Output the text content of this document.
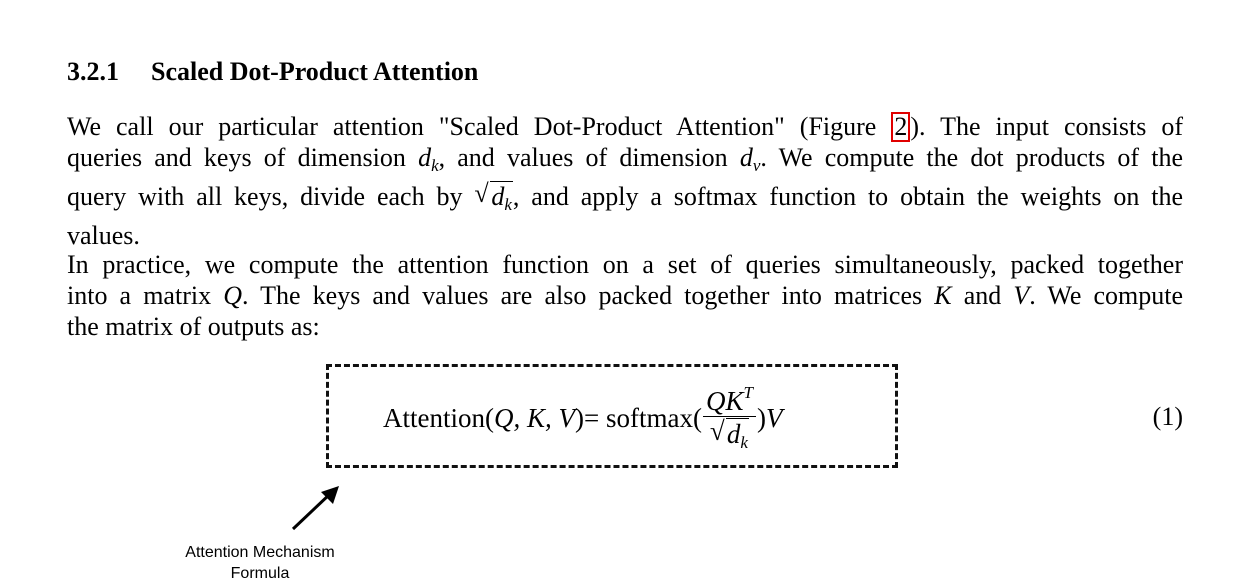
3.2.1 Scaled Dot-Product Attention
We call our particular attention "Scaled Dot-Product Attention" (Figure 2 ). The input consists of
queries and keys of dimension $d_k$, and values of dimension $d_v$. We compute the dot products of the
query with all keys, divide each by √ $d_k$, and apply a softmax function to obtain the weights on the
values.
In practice, we compute the attention function on a set of queries simultaneously, packed together
into a matrix Q. The keys and values are also packed together into matrices K and V. We compute
the matrix of outputs as:
Attention( Q, K, V ) = softmax( $\frac{QK^T}{√ d_k}$ ) V	(1)
Attention Mechanism
Formula
